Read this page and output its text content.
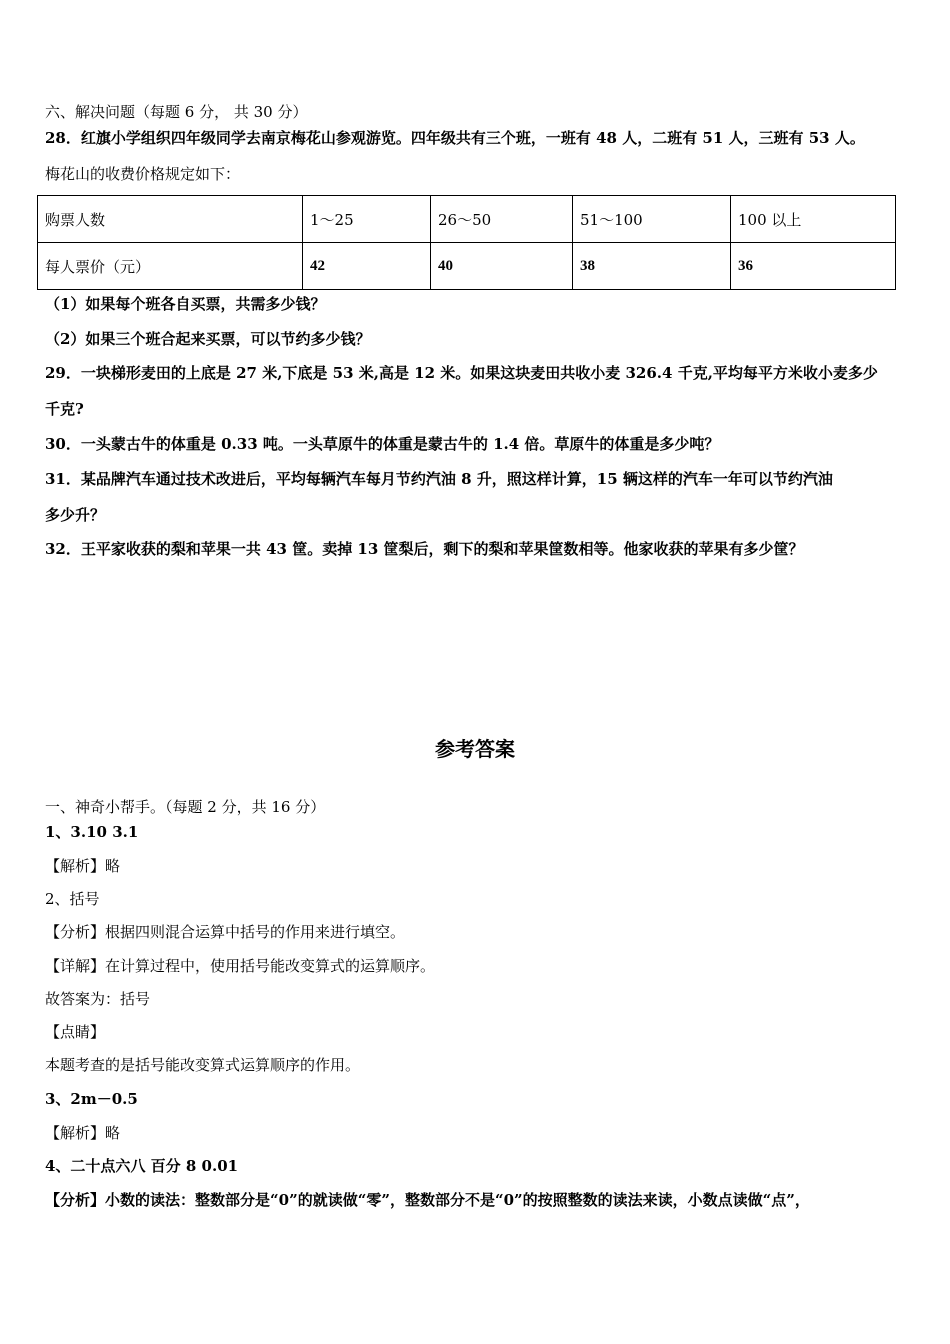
六、解决问题（每题 6 分， 共 30 分）
28．红旗小学组织四年级同学去南京梅花山参观游览。四年级共有三个班，一班有 48 人，二班有 51 人，三班有 53 人。
梅花山的收费价格规定如下：
购票人数	1～25	26～50	51～100	100 以上
每人票价（元）	42	40	38	36
（1）如果每个班各自买票，共需多少钱？
（2）如果三个班合起来买票，可以节约多少钱？
29．一块梯形麦田的上底是 27 米,下底是 53 米,高是 12 米。如果这块麦田共收小麦 326.4 千克,平均每平方米收小麦多少
千克?
30．一头蒙古牛的体重是 0.33 吨。一头草原牛的体重是蒙古牛的 1.4 倍。草原牛的体重是多少吨？
31．某品牌汽车通过技术改进后，平均每辆汽车每月节约汽油 8 升，照这样计算，15 辆这样的汽车一年可以节约汽油
多少升？
32．王平家收获的梨和苹果一共 43 筐。卖掉 13 筐梨后，剩下的梨和苹果筐数相等。他家收获的苹果有多少筐？
参考答案
一、神奇小帮手。（每题 2 分，共 16 分）
1、3.10 3.1
【解析】略
2、括号
【分析】根据四则混合运算中括号的作用来进行填空。
【详解】在计算过程中，使用括号能改变算式的运算顺序。
故答案为：括号
【点睛】
本题考查的是括号能改变算式运算顺序的作用。
3、2m－0.5
【解析】略
4、二十点六八 百分 8 0.01
【分析】小数的读法：整数部分是“0”的就读做“零”，整数部分不是“0”的按照整数的读法来读，小数点读做“点”，
